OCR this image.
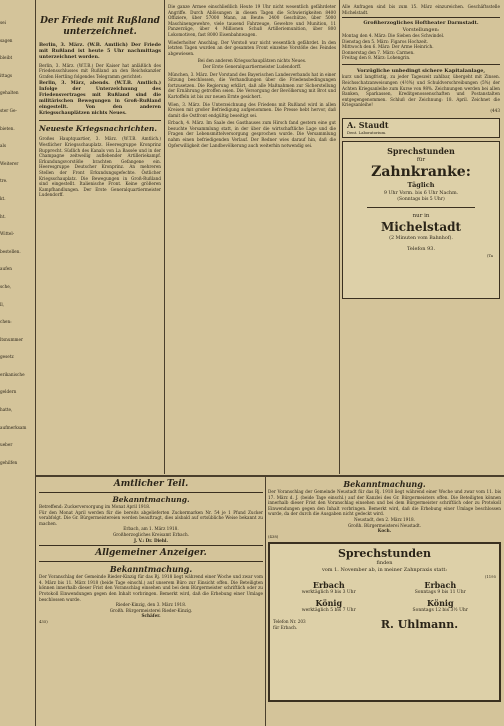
sei
sagen
bleibt
ittags
gehalten
ster Ge-
bieten.
als
Weiterer
tre.
kt.
ht.
Wittel-
bestellen.
aufen
sche,
ll,
chen:
ltsnummer
gesetz
erikanische
geldern
hatte,
aufmerksam
ueber
gehilfen
Der Friede mit Rußland unterzeichnet.
Berlin, 3. März. (W.B. Amtlich) Der Friede mit Rußland ist heute 5 Uhr nachmittags unterzeichnet worden.
Berlin, 3. März. (W.T.B.) Der Kaiser hat anläßlich des Friedensschlusses mit Rußland an den Reichskanzler Grafen Hertling folgendes Telegramm gerichtet:
Berlin, 3. März, abends. (W.T.B. Amtlich.) Infolge der Unterzeichnung des Friedensvertrages mit Rußland sind die militärischen Bewegungen in Groß-Rußland eingestellt. Von den anderen Kriegsschauplätzen nichts Neues.
Neueste Kriegsnachrichten.
Großes Hauptquartier, 3. März. (W.T.B. Amtlich.) Westlicher Kriegsschauplatz. Heeresgruppe Kronprinz Rupprecht. Südlich des Kanals von La Bassée und in der Champagne zeitweilig auflebender Artilleriekampf. Erkundungsvorstöße brachten Gefangene ein. Heeresgruppe Deutscher Kronprinz. An mehreren Stellen der Front Erkundungsgefechte. Östlicher Kriegsschauplatz. Die Bewegungen in Groß-Rußland sind eingestellt. Italienische Front. Keine größeren Kampfhandlungen. Der Erste Generalquartiermeister Ludendorff.
Die ganze Armee einschließlich Heute 19 Uhr nicht wesentlich gefährdeter Angriffe. Durch Ablösungen in diesen Tagen die Schwierigkeiten 8400 Offiziere, über 57000 Mann, an Beute: 2400 Geschütze, über 5000 Maschinengewehre, viele tausend Fahrzeuge, Gewehre und Munition, 11 Panzerzüge, über 4 Millionen Schuß Artilleriemunition, über 800 Lokomotiven, fast 8000 Eisenbahnwagen.
Wiederholter Anschlag. Der Vorstoß war nicht wesentlich gefährdet. In den letzten Tagen wurden an der gesamten Front einzelne Vorstöße des Feindes abgewiesen.
Bei den anderen Kriegsschauplätzen nichts Neues.
Der Erste Generalquartiermeister Ludendorff.
München, 3. März. Der Vorstand des Bayerischen Landesverbands hat in einer Sitzung beschlossen, die Verhandlungen über die Friedensbedingungen fortzusetzen. Die Regierung erklärt, daß alle Maßnahmen zur Sicherstellung der Ernährung getroffen seien. Die Versorgung der Bevölkerung mit Brot und Kartoffeln ist bis zur neuen Ernte gesichert.
Wien, 3. März. Die Unterzeichnung des Friedens mit Rußland wird in allen Kreisen mit großer Befriedigung aufgenommen. Die Presse hebt hervor, daß damit die Ostfront endgültig beseitigt sei.
Erbach, 4. März. Im Saale des Gasthauses zum Hirsch fand gestern eine gut besuchte Versammlung statt, in der über die wirtschaftliche Lage und die Fragen der Lebensmittelversorgung gesprochen wurde. Die Versammlung nahm einen befriedigenden Verlauf. Der Redner wies darauf hin, daß die Opferwilligkeit der Landbevölkerung auch weiterhin notwendig sei.
Alle Anfragen sind bis zum 15. März einzureichen. Geschäftsstelle Michelstadt.
Großherzogliches Hoftheater Darmstadt.
Vorstellungen:
Montag den 4. März: Die Sieben des Schwindel.
Dienstag den 5. März: Figaros Hochzeit.
Mittwoch den 6. März: Der Arme Heinrich.
Donnerstag den 7. März: Carmen.
Freitag den 8. März: Lohengrin.
Vorzügliche unbedingt sichere Kapitalanlage,
kurz und langfristig, zu jeder Tageszeit zahlbar, übergeht mit Zinsen. Reichsschatzanweisungen (4½%) und Schuldverschreibungen (5%) der Achten Kriegsanleihe zum Kurse von 98%. Zeichnungen werden bei allen Banken, Sparkassen, Kreditgenossenschaften und Postanstalten entgegengenommen. Schluß der Zeichnung: 18. April. Zeichnet die Kriegsanleihe!
(443
A. Staudt
Dent. Laboratorium.
Sprechstunden
für
Zahnkranke:
Täglich
9 Uhr Vorm. bis 6 Uhr Nachm.
(Sonntags bis 5 Uhr)
nur in
Michelstadt
(2 Minuten vom Bahnhof).
Telefon 93.
(Ta
Amtlicher Teil.
Bekanntmachung.
Betreffend: Zuckerversorgung im Monat April 1918.
Für den Monat April werden für die bereits abgelieferten Zuckermarken Nr. 54 je 1 Pfund Zucker verabfolgt. Die Gr. Bürgermeistereien werden beauftragt, dies alsbald auf ortsübliche Weise bekannt zu machen.
Erbach, am 1. März 1918.
Großherzogliches Kreisamt Erbach.
J. V.: Dr. Diehl.
Allgemeiner Anzeiger.
Bekanntmachung.
Der Voranschlag der Gemeinde Rieder-Kinzig für das Rj. 1918 liegt während einer Woche und zwar vom 4. März bis 11. März 1918 (beide Tage einschl.) auf unserem Büro zur Einsicht offen. Die Beteiligten können innerhalb dieser Frist den Voranschlag einsehen und bei dem Bürgermeister schriftlich oder zu Protokoll Einwendungen gegen den Inhalt vorbringen. Bemerkt wird, daß die Erhebung einer Umlage beschlossen wurde.
Rieder-Kinzig, den 3. März 1918.
Großh. Bürgermeisterei Rieder-Kinzig.
Schäfer.
435)
Bekanntmachung.
Der Voranschlag der Gemeinde Neustadt für das Rj. 1918 liegt während einer Woche und zwar vom 11. bis 17. März d. J. (beide Tage einschl.) auf der Kanzlei des Gr. Bürgermeisters offen. Die Beteiligten können innerhalb dieser Frist den Voranschlag einsehen und bei dem Bürgermeister schriftlich oder zu Protokoll Einwendungen gegen den Inhalt vorbringen. Bemerkt wird, daß die Erhebung einer Umlage beschlossen wurde, da der durch die Ausgaben nicht gedeckt wird.
Neustadt, den 2. März 1918.
Großh. Bürgermeisterei Neustadt.
Koch.
(438)
Sprechstunden
finden
vom 1. November ab, in meiner Zahnpraxis statt:
(1195
Erbach
werktäglich 9 bis 3 Uhr
König
werktäglich 5 bis 7 Uhr
Erbach
Sonntags 9 bis 11 Uhr
König
Sonntags 12 bis 3½ Uhr
Telefon Nr. 203
für Erbach.	R. Uhlmann.
